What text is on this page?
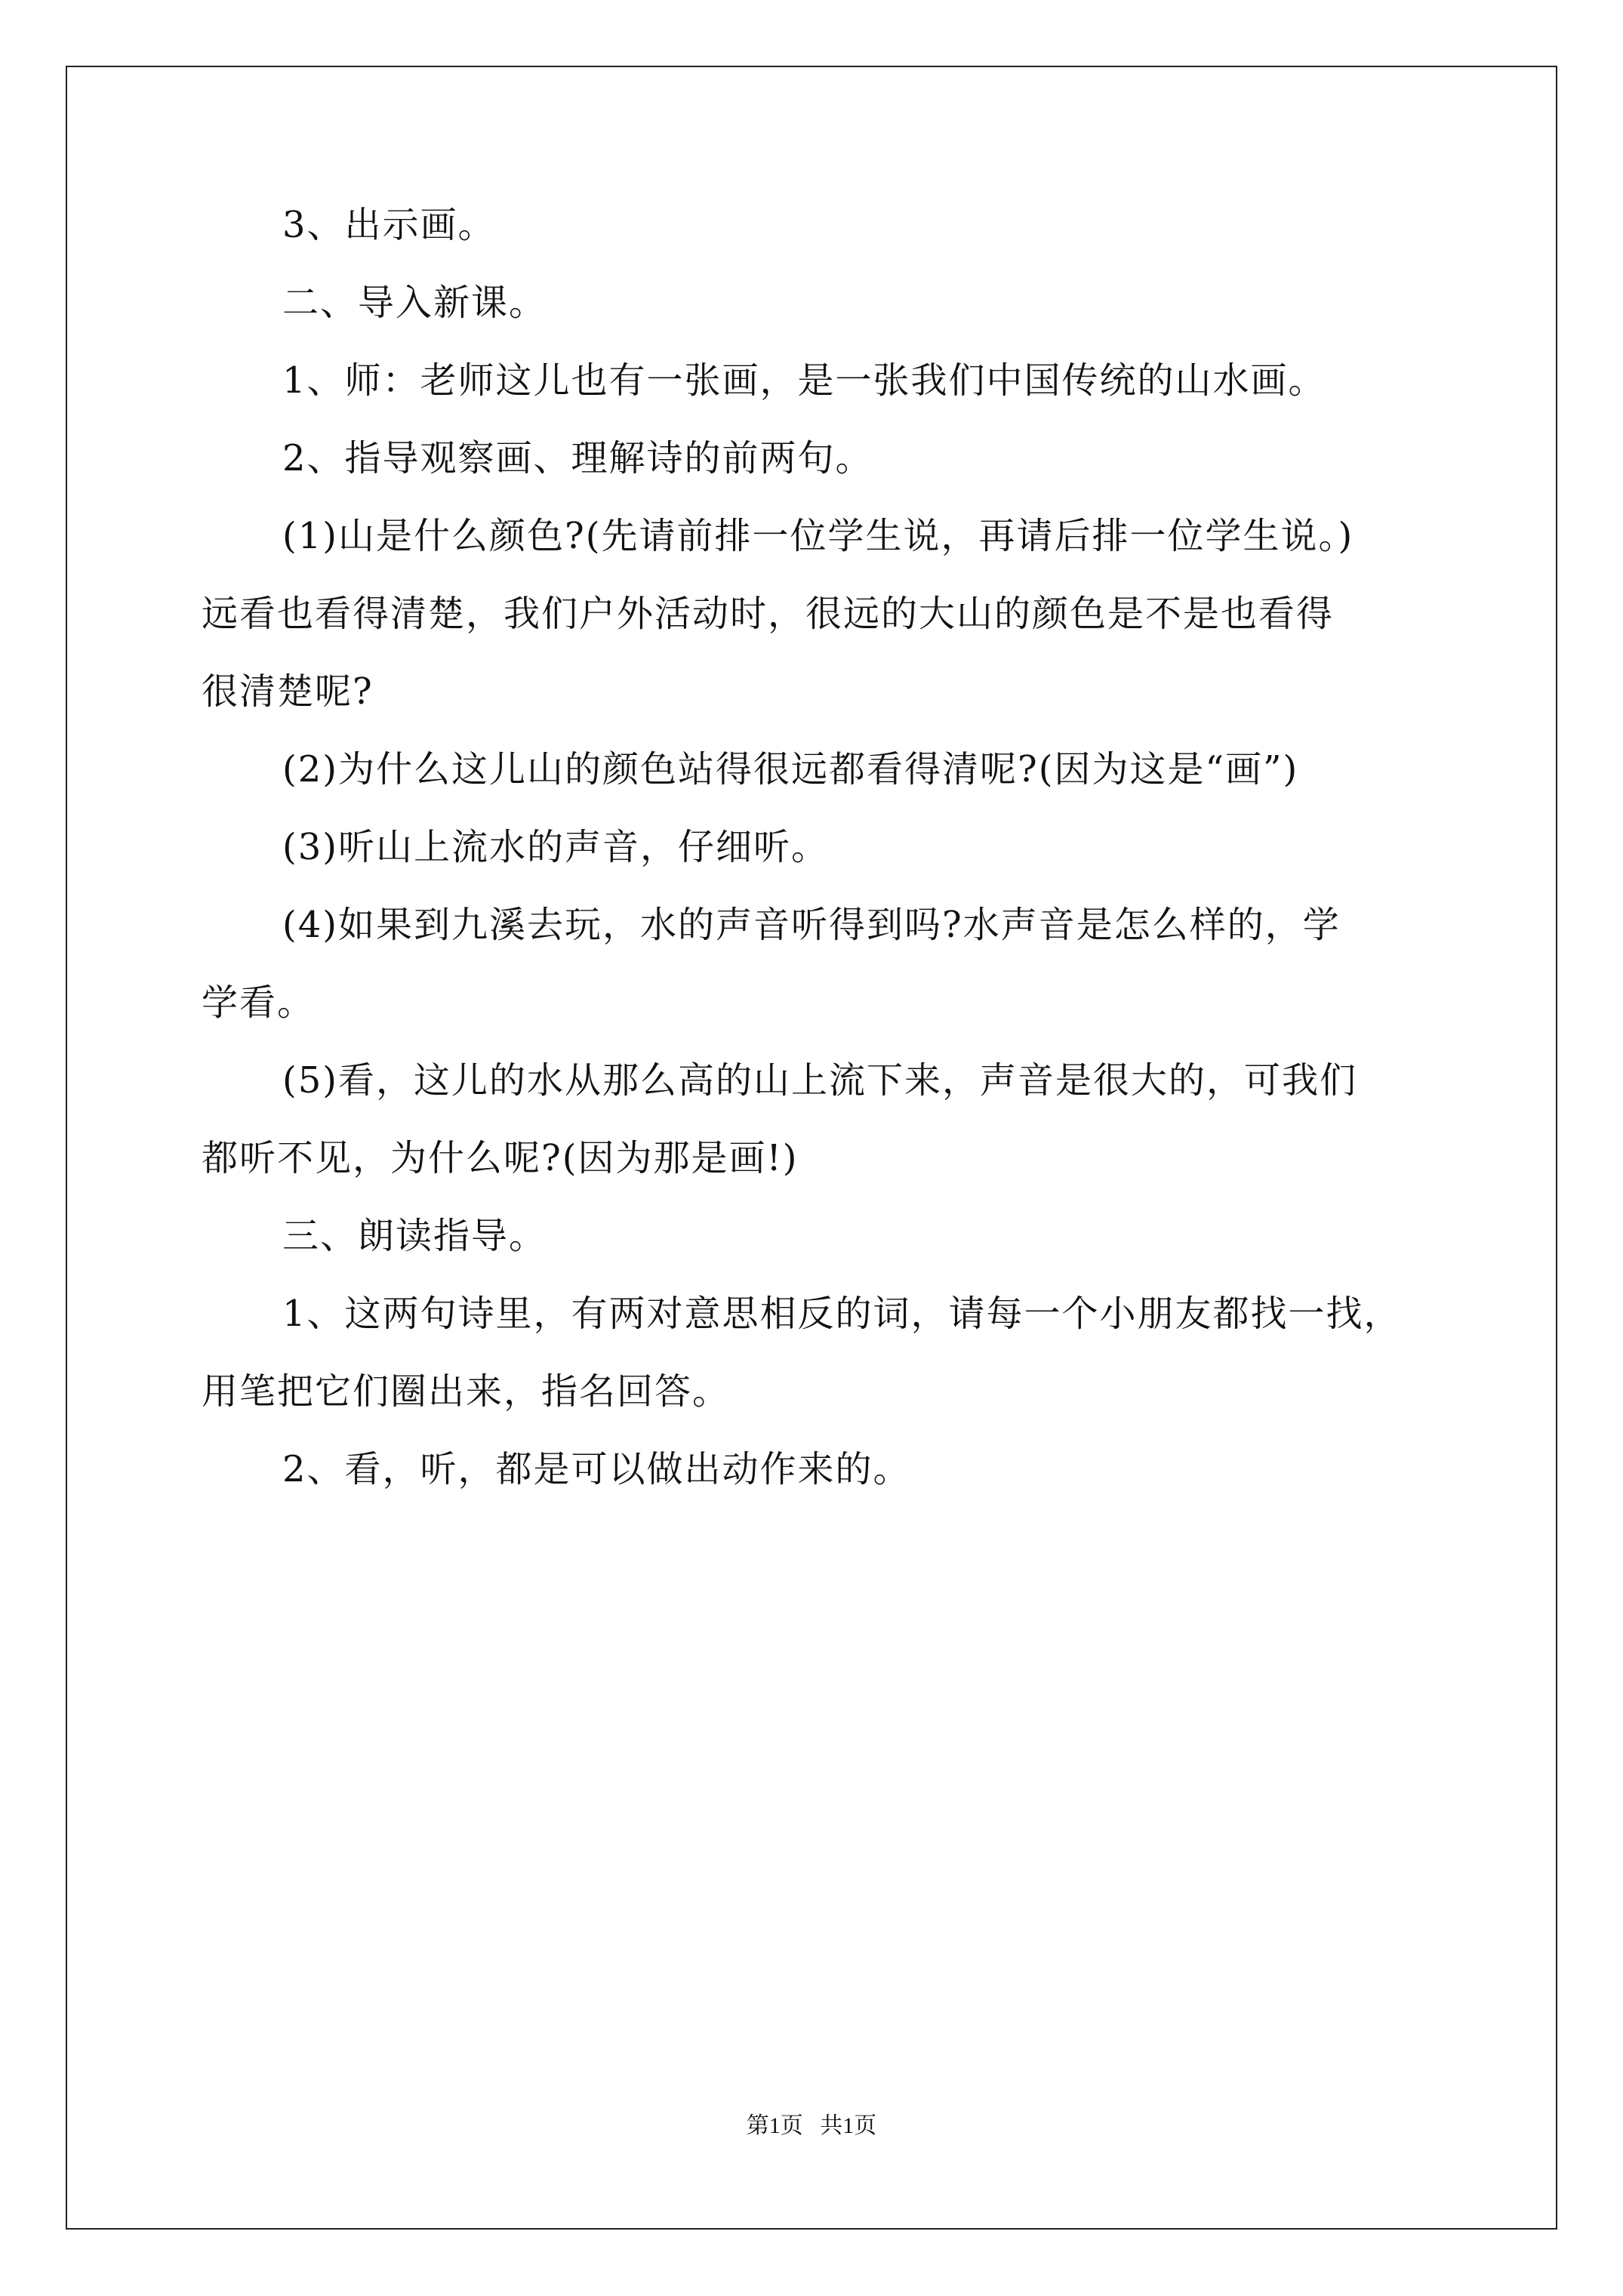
3、出示画。

二、导入新课。

1、师：老师这儿也有一张画，是一张我们中国传统的山水画。

2、指导观察画、理解诗的前两句。

(1)山是什么颜色?(先请前排一位学生说，再请后排一位学生说。)

远看也看得清楚，我们户外活动时，很远的大山的颜色是不是也看得

很清楚呢?

(2)为什么这儿山的颜色站得很远都看得清呢?(因为这是“画”)

(3)听山上流水的声音，仔细听。

(4)如果到九溪去玩，水的声音听得到吗?水声音是怎么样的，学

学看。

(5)看，这儿的水从那么高的山上流下来，声音是很大的，可我们

都听不见，为什么呢?(因为那是画!)

三、朗读指导。

1、这两句诗里，有两对意思相反的词，请每一个小朋友都找一找，

用笔把它们圈出来，指名回答。

2、看，听，都是可以做出动作来的。

第1页   共1页
